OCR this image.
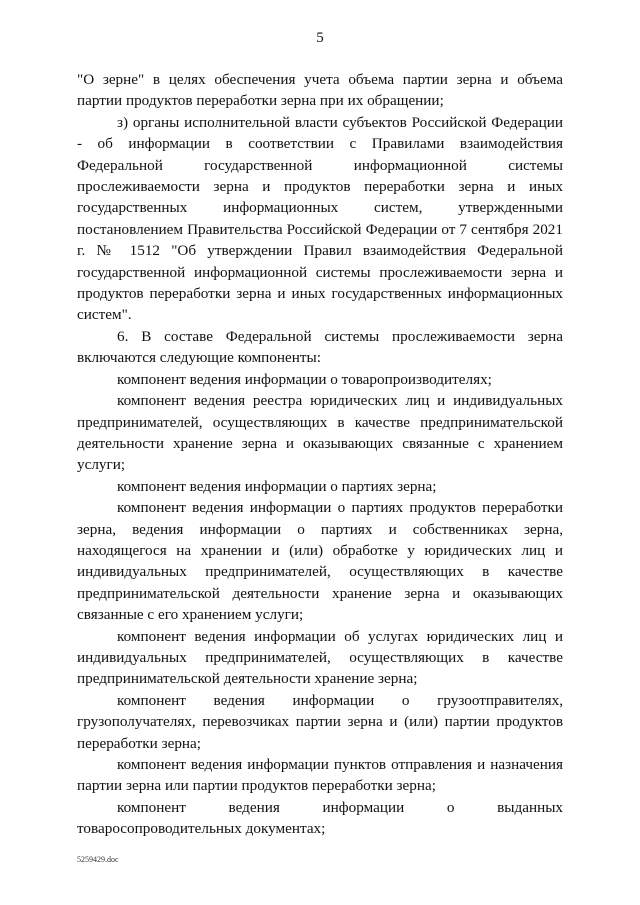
5

"О зерне" в целях обеспечения учета объема партии зерна и объема партии продуктов переработки зерна при их обращении;

з) органы исполнительной власти субъектов Российской Федерации - об информации в соответствии с Правилами взаимодействия Федеральной государственной информационной системы прослеживаемости зерна и продуктов переработки зерна и иных государственных информационных систем, утвержденными постановлением Правительства Российской Федерации от 7 сентября 2021 г. № 1512 "Об утверждении Правил взаимодействия Федеральной государственной информационной системы прослеживаемости зерна и продуктов переработки зерна и иных государственных информационных систем".

6. В составе Федеральной системы прослеживаемости зерна включаются следующие компоненты:

компонент ведения информации о товаропроизводителях;

компонент ведения реестра юридических лиц и индивидуальных предпринимателей, осуществляющих в качестве предпринимательской деятельности хранение зерна и оказывающих связанные с хранением услуги;

компонент ведения информации о партиях зерна;

компонент ведения информации о партиях продуктов переработки зерна, ведения информации о партиях и собственниках зерна, находящегося на хранении и (или) обработке у юридических лиц и индивидуальных предпринимателей, осуществляющих в качестве предпринимательской деятельности хранение зерна и оказывающих связанные с его хранением услуги;

компонент ведения информации об услугах юридических лиц и индивидуальных предпринимателей, осуществляющих в качестве предпринимательской деятельности хранение зерна;

компонент ведения информации о грузоотправителях, грузополучателях, перевозчиках партии зерна и (или) партии продуктов переработки зерна;

компонент ведения информации пунктов отправления и назначения партии зерна или партии продуктов переработки зерна;

компонент ведения информации о выданных товаросопроводительных документах;

5259429.doc
